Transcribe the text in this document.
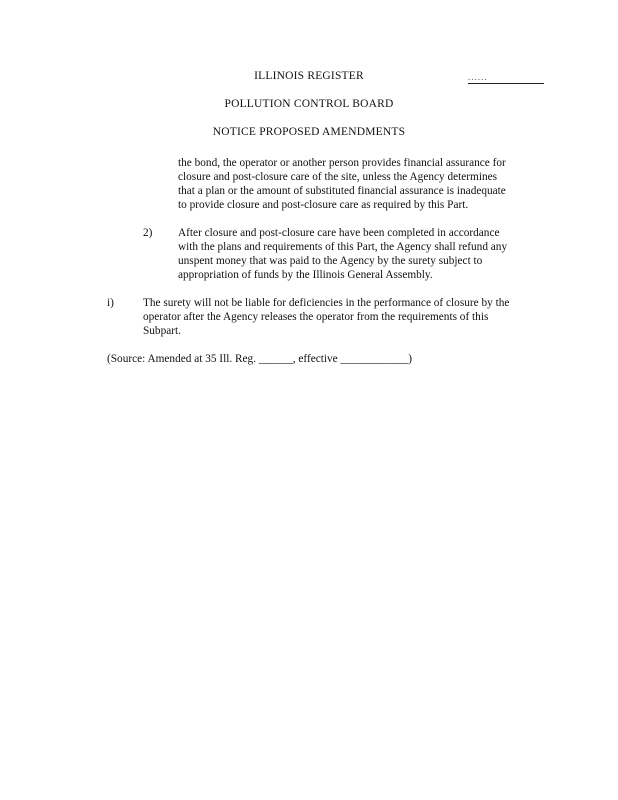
ILLINOIS REGISTER	......
POLLUTION CONTROL BOARD
NOTICE PROPOSED AMENDMENTS
the bond, the operator or another person provides financial assurance for
closure and post-closure care of the site, unless the Agency determines
that a plan or the amount of substituted financial assurance is inadequate
to provide closure and post-closure care as required by this Part.
2) After closure and post-closure care have been completed in accordance
with the plans and requirements of this Part, the Agency shall refund any
unspent money that was paid to the Agency by the surety subject to
appropriation of funds by the Illinois General Assembly.
i)	The surety will not be liable for deficiencies in the performance of closure by the
operator after the Agency releases the operator from the requirements of this
Subpart.
(Source: Amended at 35 Ill. Reg. ______, effective ____________)
